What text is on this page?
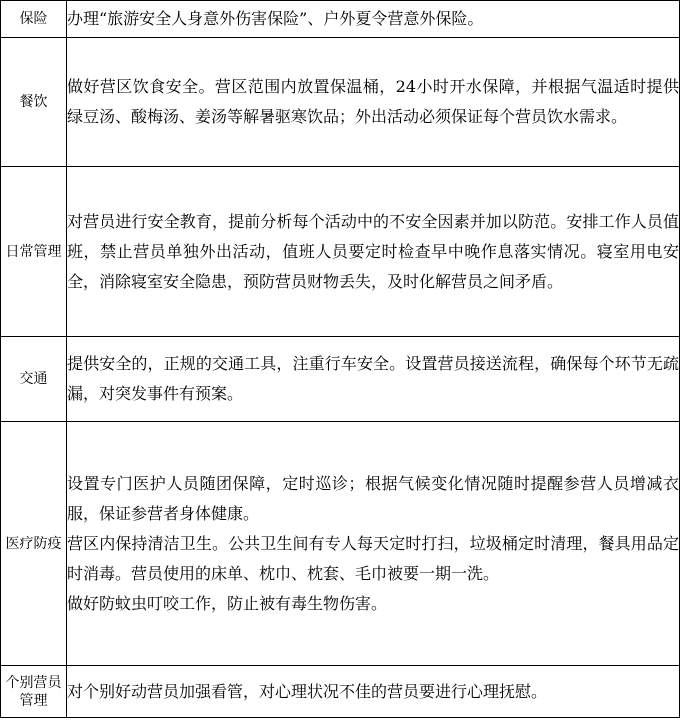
保险	办理“旅游安全人身意外伤害保险”、户外夏令营意外保险。

餐饮	做好营区饮食安全。营区范围内放置保温桶，24小时开水保障，并根据气温适时提供绿豆汤、酸梅汤、姜汤等解暑驱寒饮品；外出活动必须保证每个营员饮水需求。

日常管理	对营员进行安全教育，提前分析每个活动中的不安全因素并加以防范。安排工作人员值班，禁止营员单独外出活动，值班人员要定时检查早中晚作息落实情况。寝室用电安全，消除寝室安全隐患，预防营员财物丢失，及时化解营员之间矛盾。

交通	提供安全的，正规的交通工具，注重行车安全。设置营员接送流程，确保每个环节无疏漏，对突发事件有预案。

医疗防疫	设置专门医护人员随团保障，定时巡诊；根据气候变化情况随时提醒参营人员增减衣服，保证参营者身体健康。

营区内保持清洁卫生。公共卫生间有专人每天定时打扫，垃圾桶定时清理，餐具用品定时消毒。营员使用的床单、枕巾、枕套、毛巾被要一期一洗。

做好防蚊虫叮咬工作，防止被有毒生物伤害。

个别营员管理	对个别好动营员加强看管，对心理状况不佳的营员要进行心理抚慰。
